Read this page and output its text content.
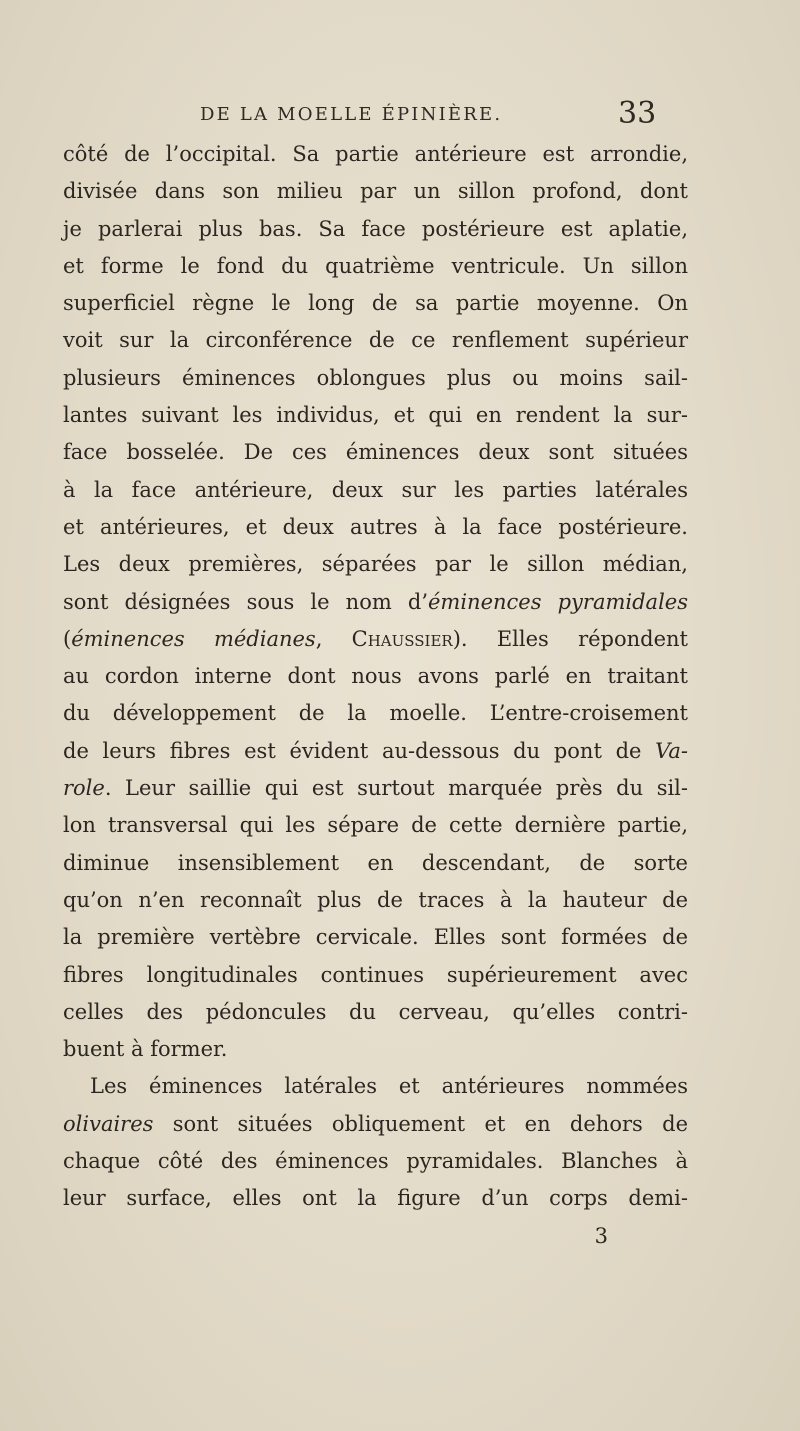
DE LA MOELLE ÉPINIÈRE.	33
côté de l’occipital. Sa partie antérieure est arrondie,
divisée dans son milieu par un sillon profond, dont
je parlerai plus bas. Sa face postérieure est aplatie,
et forme le fond du quatrième ventricule. Un sillon
superficiel règne le long de sa partie moyenne. On
voit sur la circonférence de ce renflement supérieur
plusieurs éminences oblongues plus ou moins sail-
lantes suivant les individus, et qui en rendent la sur-
face bosselée. De ces éminences deux sont situées
à la face antérieure, deux sur les parties latérales
et antérieures, et deux autres à la face postérieure.
Les deux premières, séparées par le sillon médian,
sont désignées sous le nom d’éminences pyramidales
(éminences médianes, Chaussier). Elles répondent
au cordon interne dont nous avons parlé en traitant
du développement de la moelle. L’entre-croisement
de leurs fibres est évident au-dessous du pont de Va-
role. Leur saillie qui est surtout marquée près du sil-
lon transversal qui les sépare de cette dernière partie,
diminue insensiblement en descendant, de sorte
qu’on n’en reconnaît plus de traces à la hauteur de
la première vertèbre cervicale. Elles sont formées de
fibres longitudinales continues supérieurement avec
celles des pédoncules du cerveau, qu’elles contri-
buent à former.
Les éminences latérales et antérieures nommées
olivaires sont situées obliquement et en dehors de
chaque côté des éminences pyramidales. Blanches à
leur surface, elles ont la figure d’un corps demi-
3
